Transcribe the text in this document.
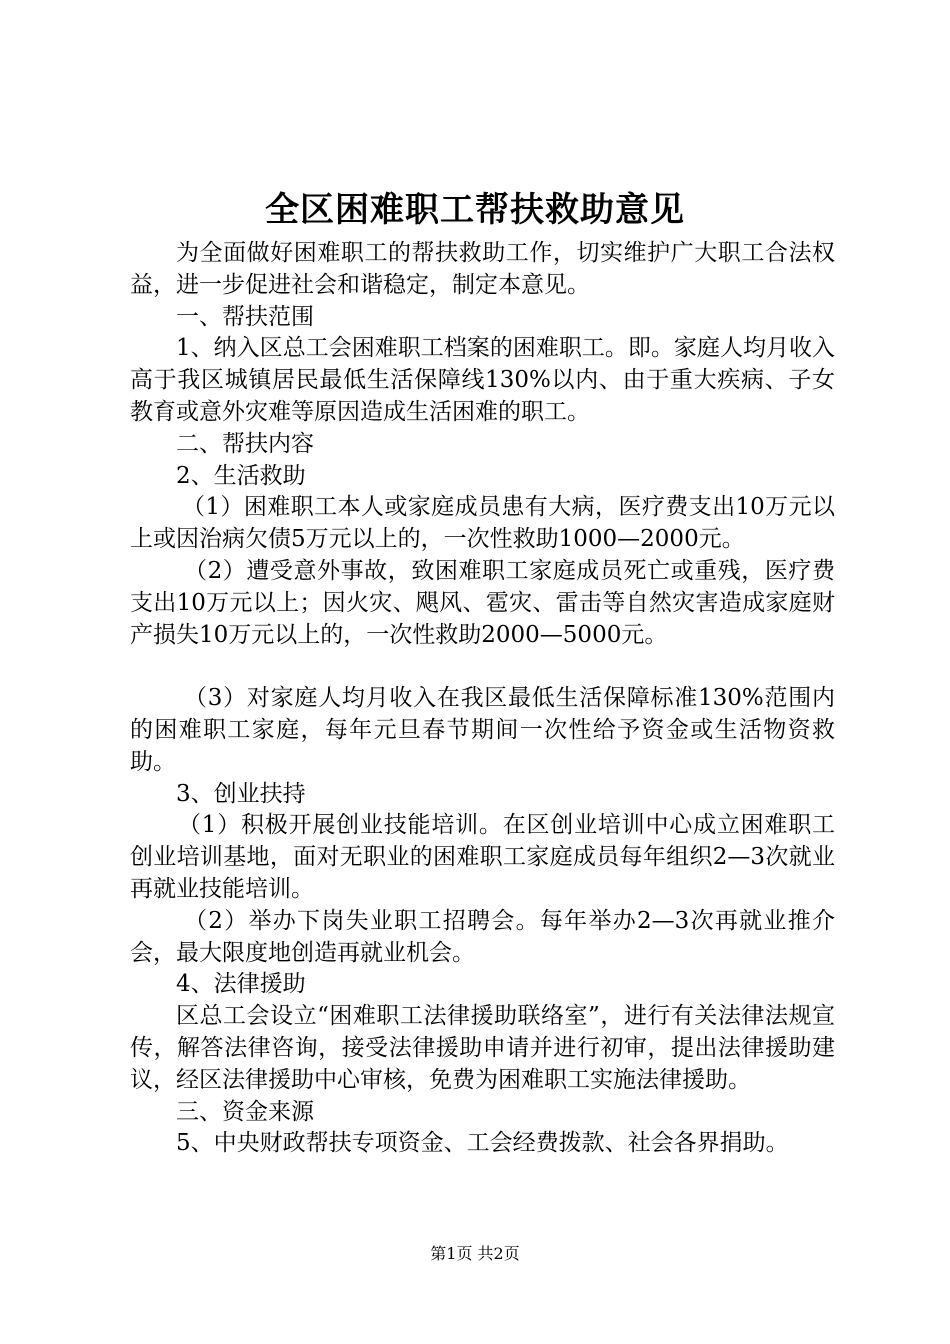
全区困难职工帮扶救助意见

为全面做好困难职工的帮扶救助工作，切实维护广大职工合法权益，进一步促进社会和谐稳定，制定本意见。

一、帮扶范围

1、纳入区总工会困难职工档案的困难职工。即。家庭人均月收入高于我区城镇居民最低生活保障线130%以内、由于重大疾病、子女教育或意外灾难等原因造成生活困难的职工。

二、帮扶内容

2、生活救助

（1）困难职工本人或家庭成员患有大病，医疗费支出10万元以上或因治病欠债5万元以上的，一次性救助1000—2000元。

（2）遭受意外事故，致困难职工家庭成员死亡或重残，医疗费支出10万元以上；因火灾、飓风、雹灾、雷击等自然灾害造成家庭财产损失10万元以上的，一次性救助2000—5000元。

（3）对家庭人均月收入在我区最低生活保障标准130%范围内的困难职工家庭，每年元旦春节期间一次性给予资金或生活物资救助。

3、创业扶持

（1）积极开展创业技能培训。在区创业培训中心成立困难职工创业培训基地，面对无职业的困难职工家庭成员每年组织2—3次就业再就业技能培训。

（2）举办下岗失业职工招聘会。每年举办2—3次再就业推介会，最大限度地创造再就业机会。

4、法律援助

区总工会设立“困难职工法律援助联络室”，进行有关法律法规宣传，解答法律咨询，接受法律援助申请并进行初审，提出法律援助建议，经区法律援助中心审核，免费为困难职工实施法律援助。

三、资金来源

5、中央财政帮扶专项资金、工会经费拨款、社会各界捐助。

第1页 共2页
